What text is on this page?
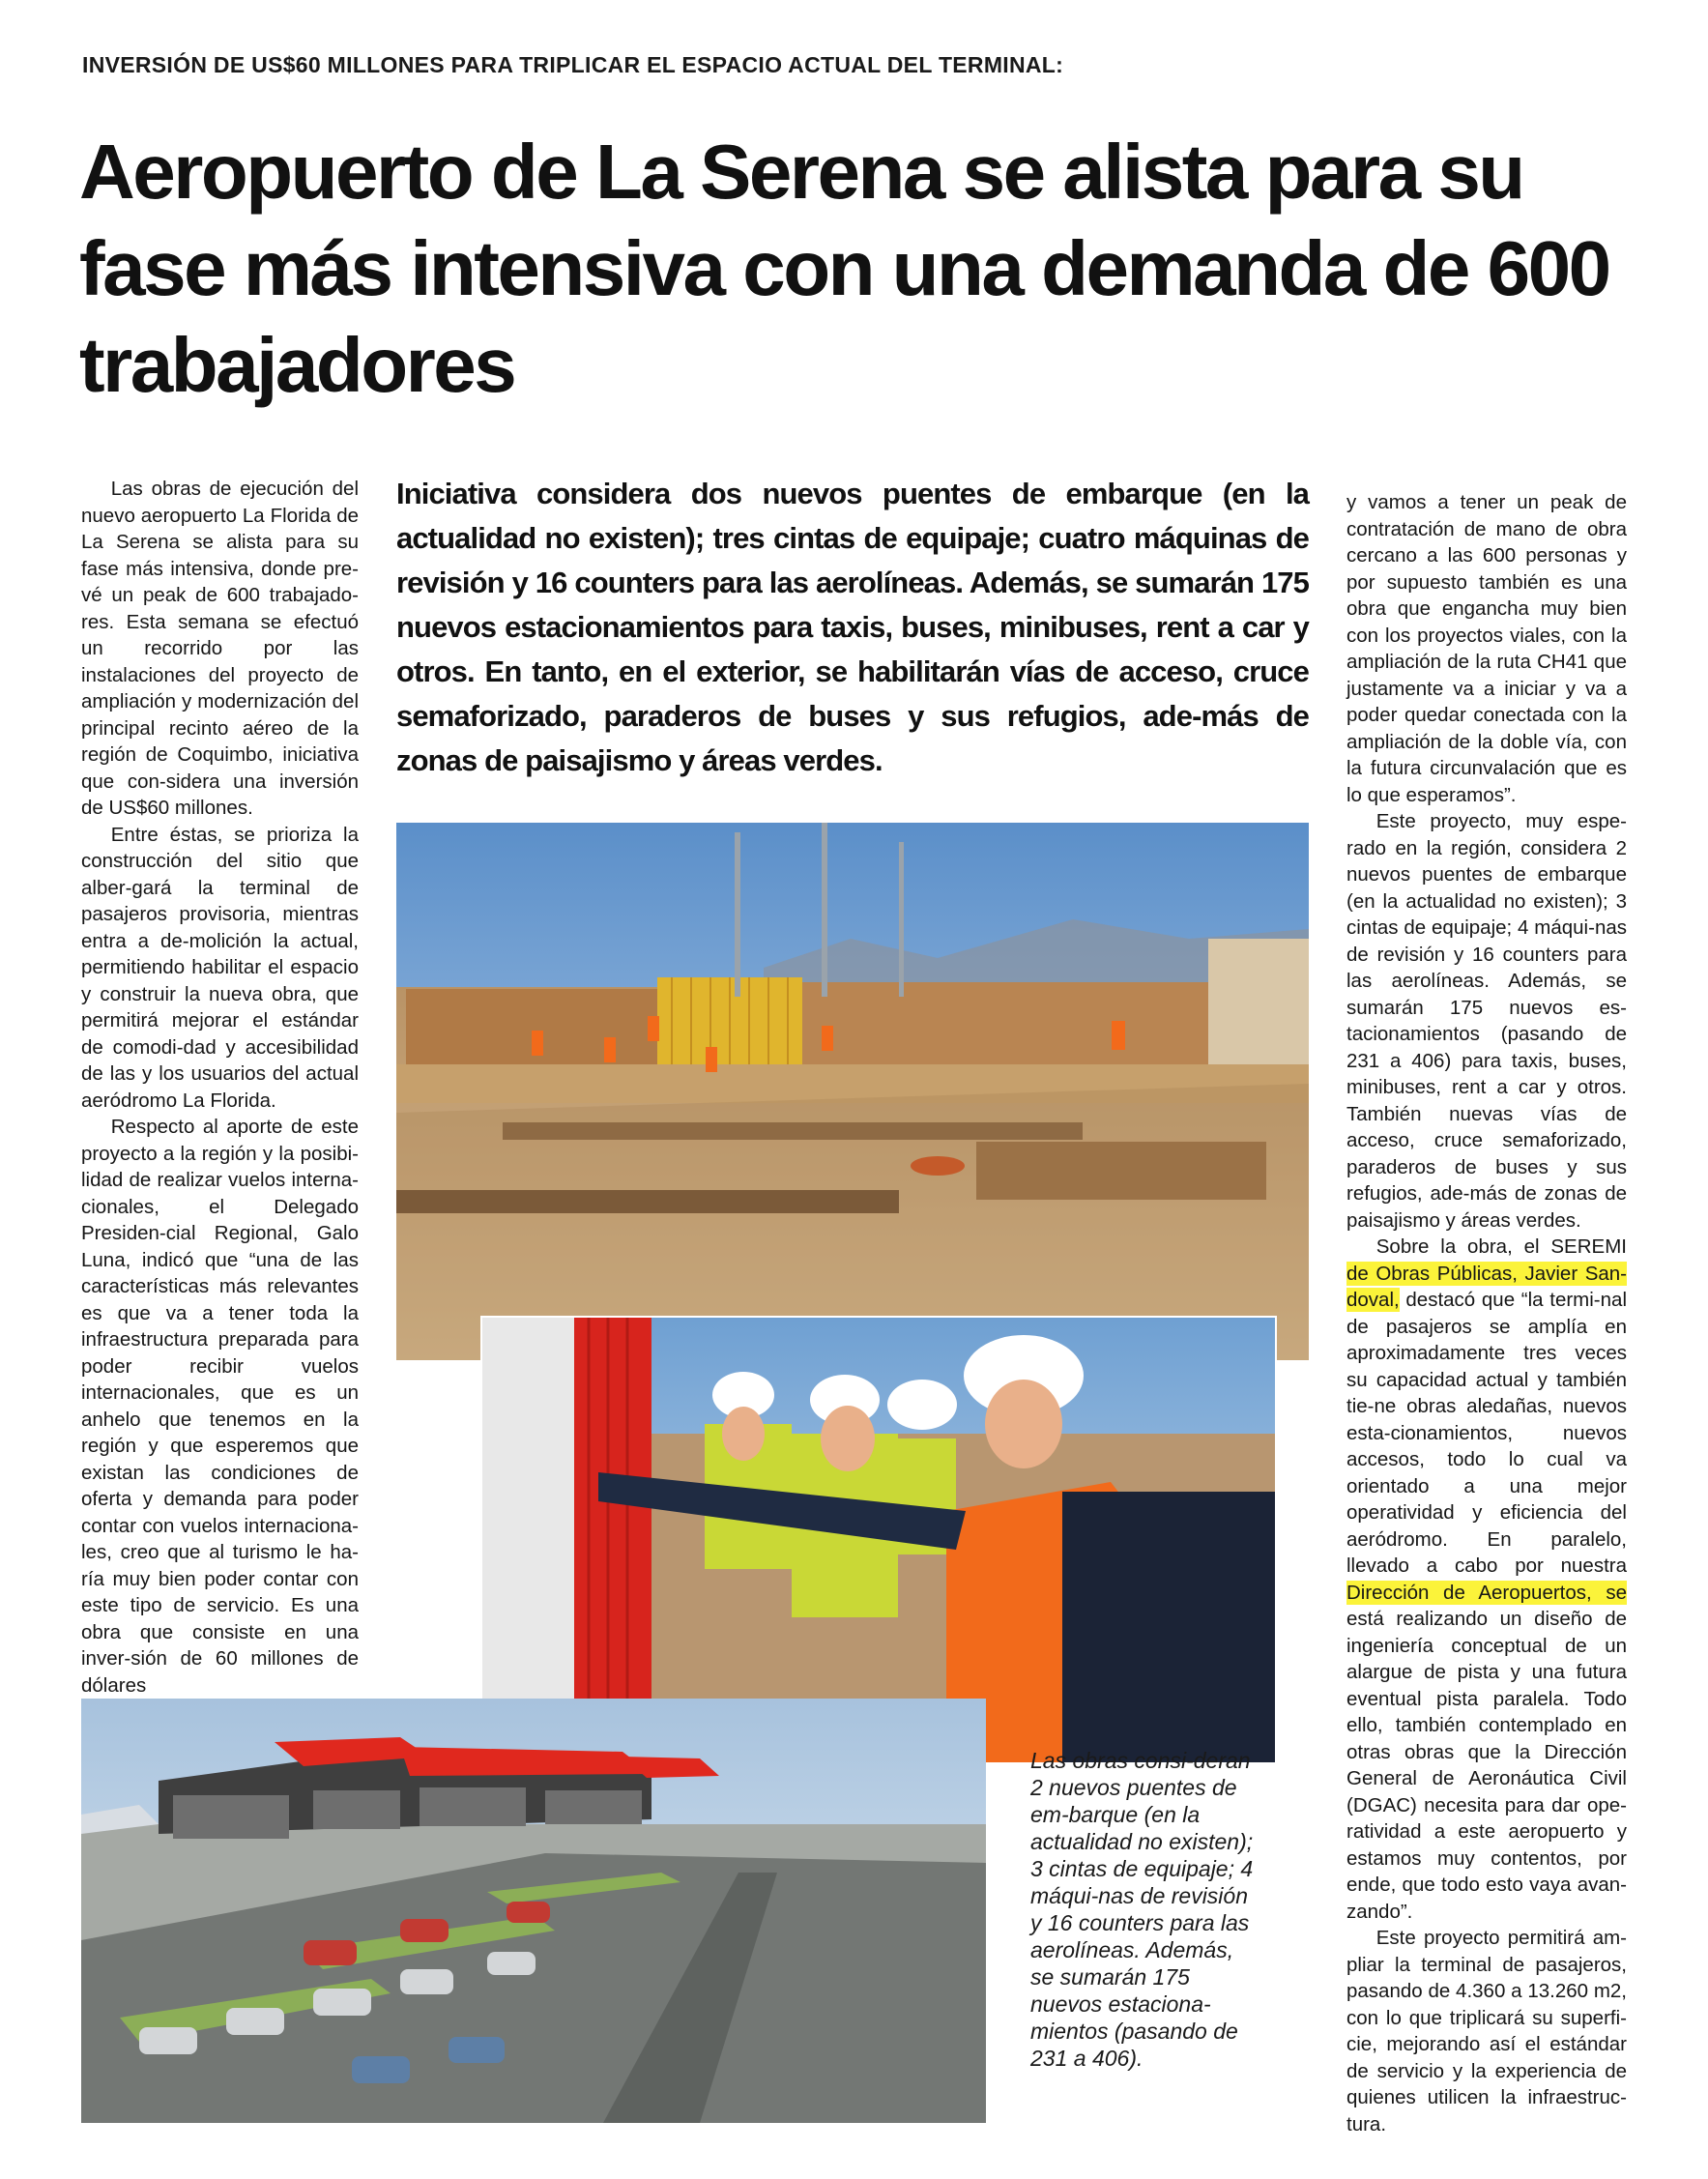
INVERSIÓN DE US$60 MILLONES PARA TRIPLICAR EL ESPACIO ACTUAL DEL TERMINAL:
Aeropuerto de La Serena se alista para su fase más intensiva con una demanda de 600 trabajadores

Las obras de ejecución del nuevo aeropuerto La Florida de La Serena se alista para su fase más intensiva, donde pre-vé un peak de 600 trabajado-res. Esta semana se efectuó un recorrido por las instalaciones del proyecto de ampliación y modernización del principal recinto aéreo de la región de Coquimbo, iniciativa que con-sidera una inversión de US$60 millones.

Entre éstas, se prioriza la construcción del sitio que alber-gará la terminal de pasajeros provisoria, mientras entra a de-molición la actual, permitiendo habilitar el espacio y construir la nueva obra, que permitirá mejorar el estándar de comodi-dad y accesibilidad de las y los usuarios del actual aeródromo La Florida.

Respecto al aporte de este proyecto a la región y la posibi-lidad de realizar vuelos interna-cionales, el Delegado Presiden-cial Regional, Galo Luna, indicó que “una de las características más relevantes es que va a tener toda la infraestructura preparada para poder recibir vuelos internacionales, que es un anhelo que tenemos en la región y que esperemos que existan las condiciones de oferta y demanda para poder contar con vuelos internaciona-les, creo que al turismo le ha-ría muy bien poder contar con este tipo de servicio. Es una obra que consiste en una inver-sión de 60 millones de dólares

Iniciativa considera dos nuevos puentes de embarque (en la actualidad no existen); tres cintas de equipaje; cuatro máquinas de revisión y 16 counters para las aerolíneas. Además, se sumarán 175 nuevos estacionamientos para taxis, buses, minibuses, rent a car y otros. En tanto, en el exterior, se habilitarán vías de acceso, cruce semaforizado, paraderos de buses y sus refugios, ade-más de zonas de paisajismo y áreas verdes.

Las obras consi-deran 2 nuevos puentes de em-barque (en la actualidad no existen); 3 cintas de equipaje; 4 máqui-nas de revisión y 16 counters para las aerolíneas. Además, se sumarán 175 nuevos estaciona-mientos (pasando de 231 a 406).

y vamos a tener un peak de contratación de mano de obra cercano a las 600 personas y por supuesto también es una obra que engancha muy bien con los proyectos viales, con la ampliación de la ruta CH41 que justamente va a iniciar y va a poder quedar conectada con la ampliación de la doble vía, con la futura circunvalación que es lo que esperamos”.

Este proyecto, muy espe-rado en la región, considera 2 nuevos puentes de embarque (en la actualidad no existen); 3 cintas de equipaje; 4 máqui-nas de revisión y 16 counters para las aerolíneas. Además, se sumarán 175 nuevos es-tacionamientos (pasando de 231 a 406) para taxis, buses, minibuses, rent a car y otros. También nuevas vías de acceso, cruce semaforizado, paraderos de buses y sus refugios, ade-más de zonas de paisajismo y áreas verdes.

Sobre la obra, el SEREMI de Obras Públicas, Javier San-doval, destacó que “la termi-nal de pasajeros se amplía en aproximadamente tres veces su capacidad actual y también tie-ne obras aledañas, nuevos esta-cionamientos, nuevos accesos, todo lo cual va orientado a una mejor operatividad y eficiencia del aeródromo. En paralelo, llevado a cabo por nuestra Dirección de Aeropuertos, se está realizando un diseño de ingeniería conceptual de un alargue de pista y una futura eventual pista paralela. Todo ello, también contemplado en otras obras que la Dirección General de Aeronáutica Civil (DGAC) necesita para dar ope-ratividad a este aeropuerto y estamos muy contentos, por ende, que todo esto vaya avan-zando”.

Este proyecto permitirá am-pliar la terminal de pasajeros, pasando de 4.360 a 13.260 m2, con lo que triplicará su superfi-cie, mejorando así el estándar de servicio y la experiencia de quienes utilicen la infraestruc-tura.
